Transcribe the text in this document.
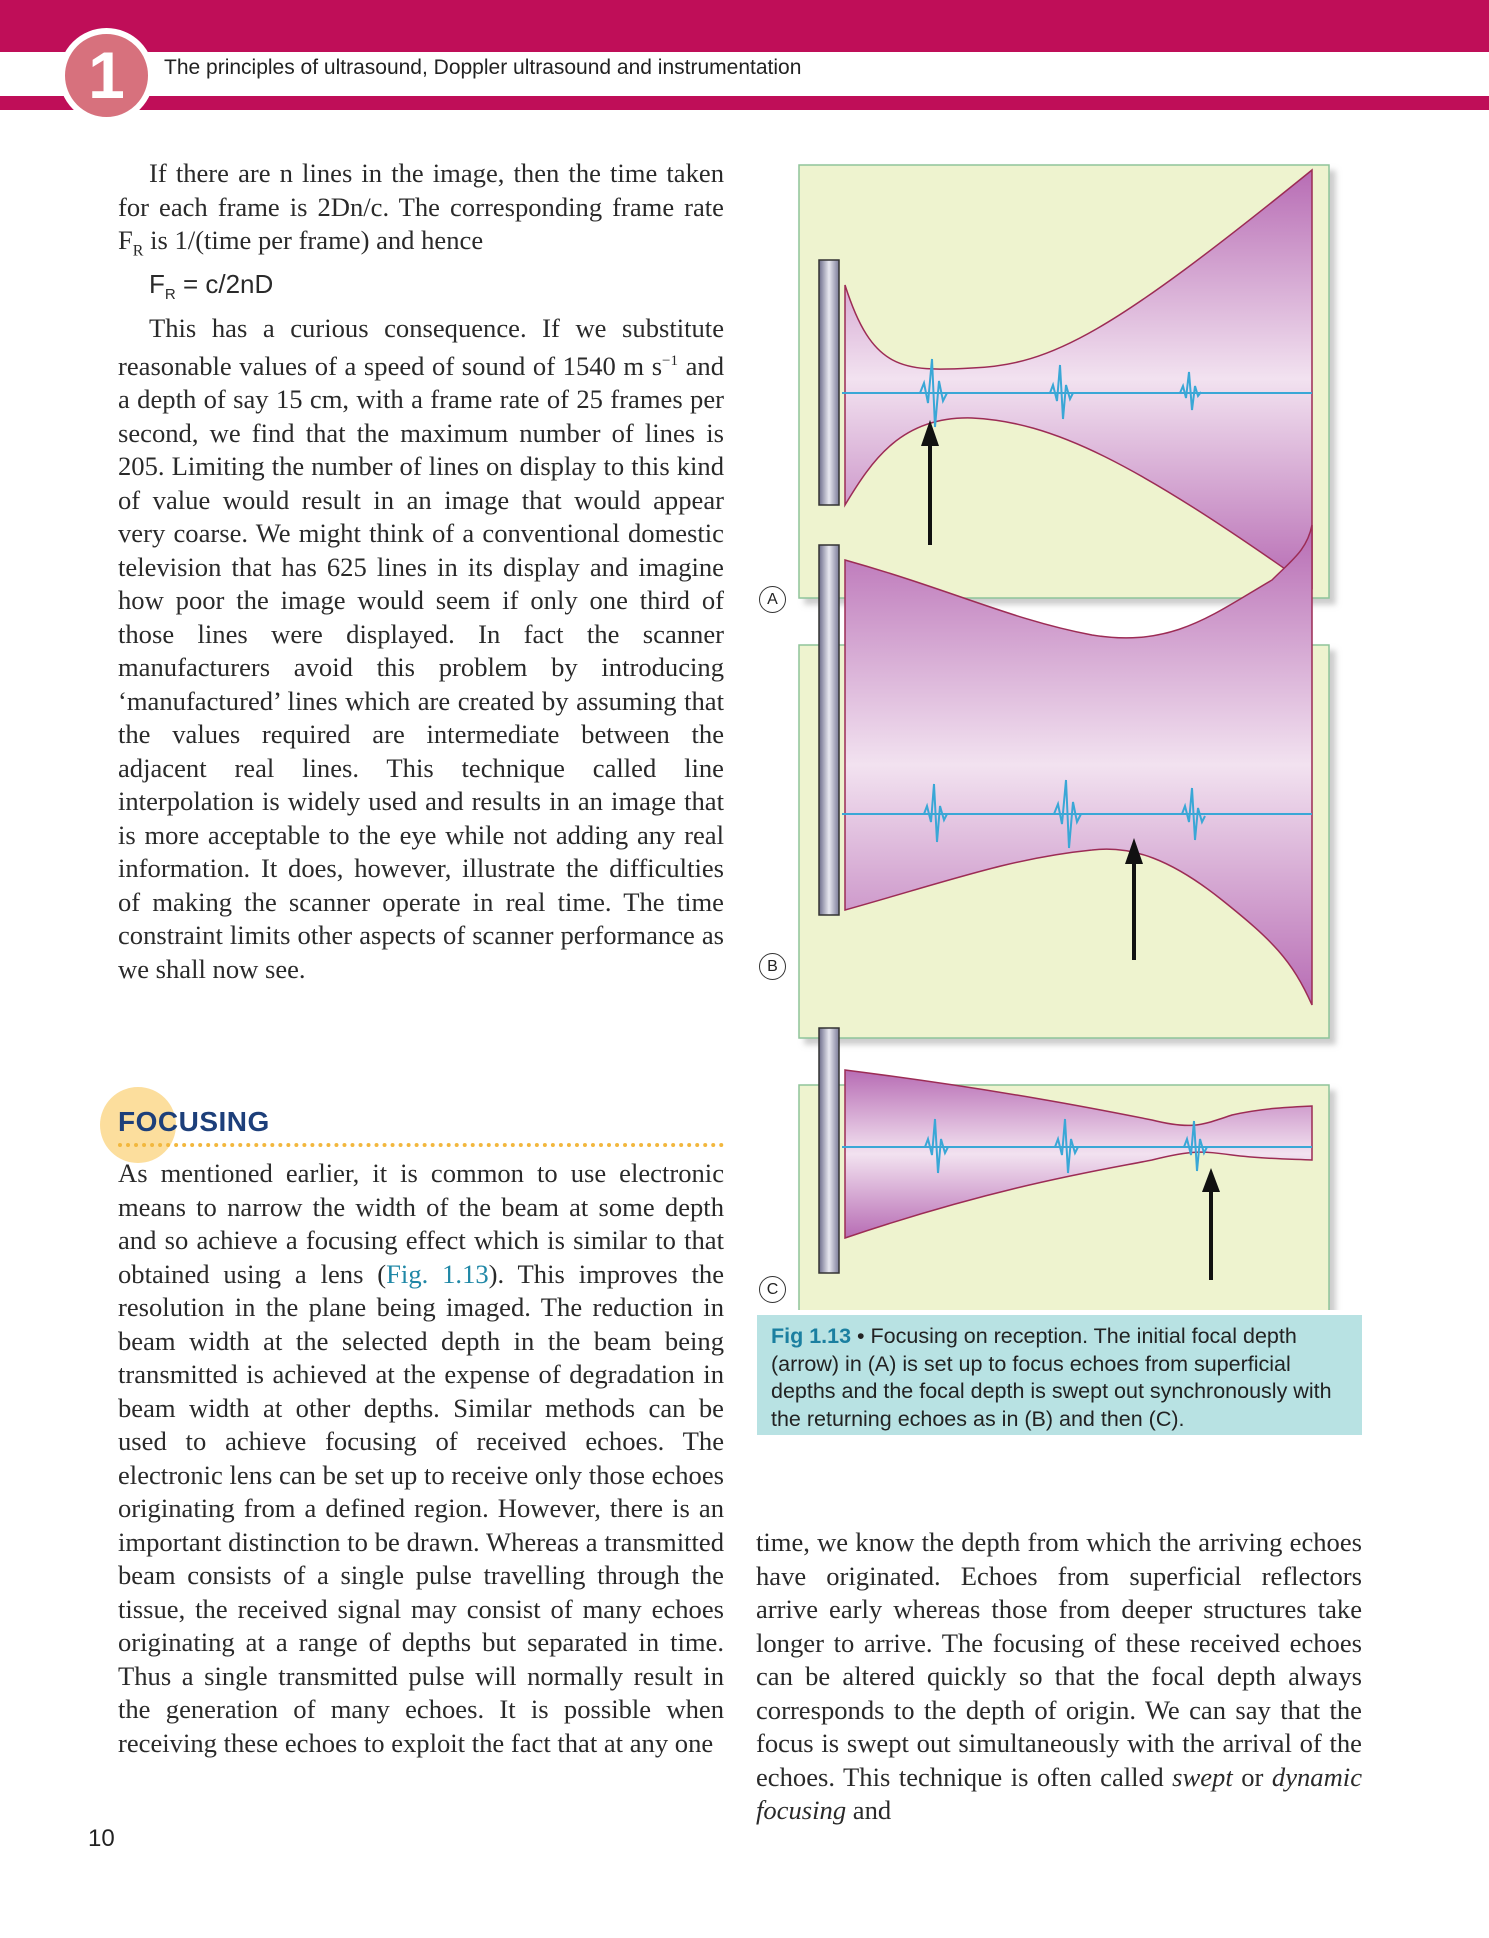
1	The principles of ultrasound, Doppler ultrasound and instrumentation

If there are n lines in the image, then the time taken for each frame is 2Dn/c. The corresponding frame rate $F_R$ is 1/(time per frame) and hence

$F_R = c/2nD$

This has a curious consequence. If we substitute reasonable values of a speed of sound of 1540 m $s^{-1}$ and a depth of say 15 cm, with a frame rate of 25 frames per second, we find that the maximum number of lines is 205. Limiting the number of lines on display to this kind of value would result in an image that would appear very coarse. We might think of a conventional domestic television that has 625 lines in its display and imagine how poor the image would seem if only one third of those lines were displayed. In fact the scanner manufacturers avoid this problem by introducing ‘manufactured’ lines which are created by assuming that the values required are intermediate between the adjacent real lines. This technique called line interpolation is widely used and results in an image that is more acceptable to the eye while not adding any real information. It does, however, illustrate the difficulties of making the scanner operate in real time. The time constraint limits other aspects of scanner performance as we shall now see.

FOCUSING

As mentioned earlier, it is common to use electronic means to narrow the width of the beam at some depth and so achieve a focusing effect which is similar to that obtained using a lens (Fig. 1.13). This improves the resolution in the plane being imaged. The reduction in beam width at the selected depth in the beam being transmitted is achieved at the expense of degradation in beam width at other depths. Similar methods can be used to achieve focusing of received echoes. The electronic lens can be set up to receive only those echoes originating from a defined region. However, there is an important distinction to be drawn. Whereas a transmitted beam consists of a single pulse travelling through the tissue, the received signal may consist of many echoes originating at a range of depths but separated in time. Thus a single transmitted pulse will normally result in the generation of many echoes. It is possible when receiving these echoes to exploit the fact that at any one

time, we know the depth from which the arriving echoes have originated. Echoes from superficial reflectors arrive early whereas those from deeper structures take longer to arrive. The focusing of these received echoes can be altered quickly so that the focal depth always corresponds to the depth of origin. We can say that the focus is swept out simultaneously with the arrival of the echoes. This technique is often called swept or dynamic focusing and

A
B
C
Fig 1.13 • Focusing on reception. The initial focal depth (arrow) in (A) is set up to focus echoes from superficial depths and the focal depth is swept out synchronously with the returning echoes as in (B) and then (C).
10
